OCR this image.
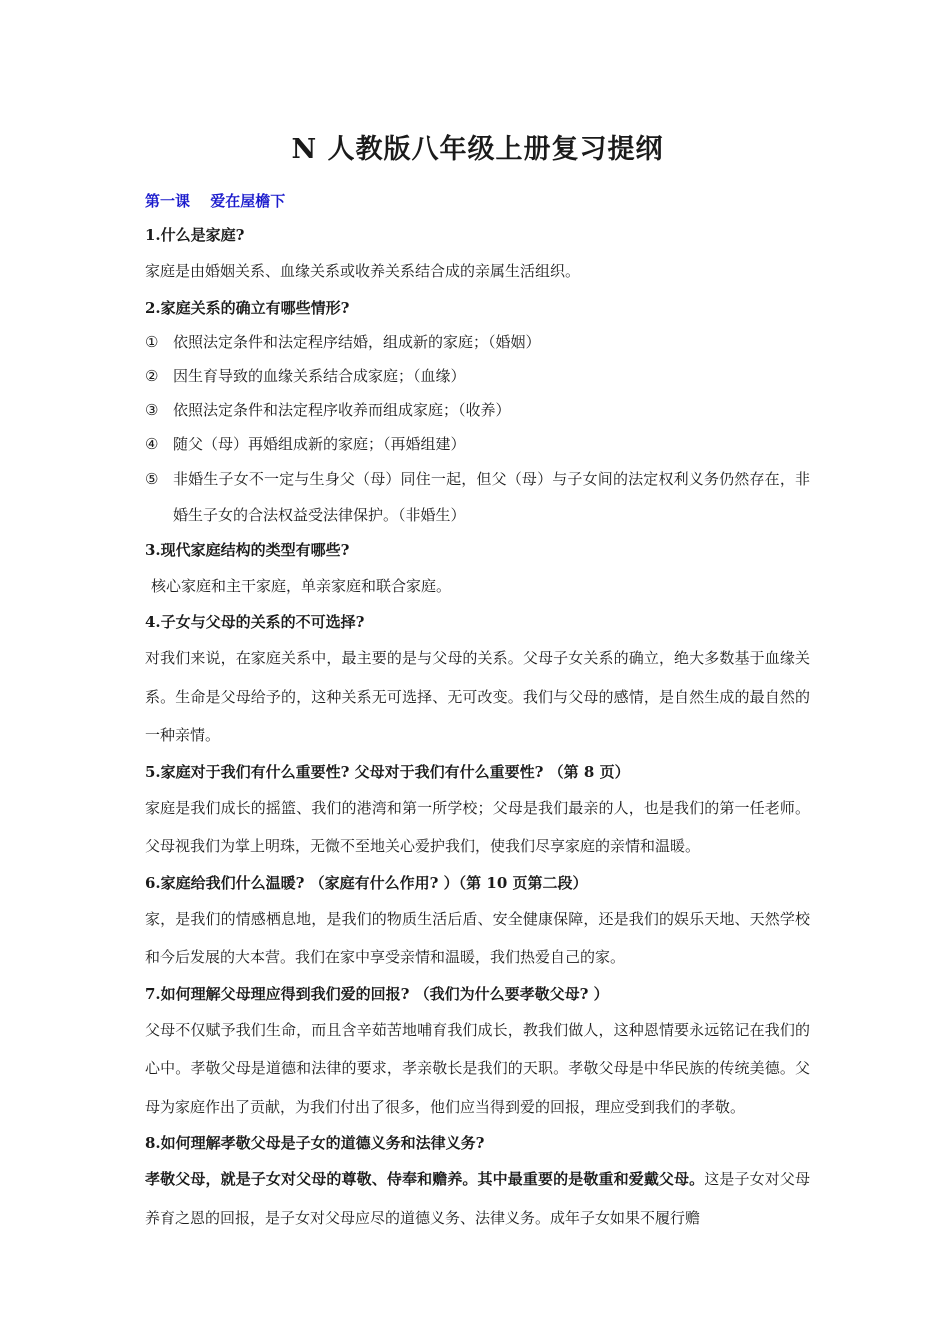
N 人教版八年级上册复习提纲

第一课　 爱在屋檐下

1.什么是家庭?

家庭是由婚姻关系、血缘关系或收养关系结合成的亲属生活组织。

2.家庭关系的确立有哪些情形?

① 依照法定条件和法定程序结婚，组成新的家庭；（婚姻）
② 因生育导致的血缘关系结合成家庭；（血缘）
③ 依照法定条件和法定程序收养而组成家庭；（收养）
④ 随父（母）再婚组成新的家庭；（再婚组建）
⑤ 非婚生子女不一定与生身父（母）同住一起，但父（母）与子女间的法定权利义务仍然存在，非婚生子女的合法权益受法律保护。（非婚生）

3.现代家庭结构的类型有哪些?

核心家庭和主干家庭，单亲家庭和联合家庭。

4.子女与父母的关系的不可选择?

对我们来说，在家庭关系中，最主要的是与父母的关系。父母子女关系的确立，绝大多数基于血缘关系。生命是父母给予的，这种关系无可选择、无可改变。我们与父母的感情，是自然生成的最自然的一种亲情。

5.家庭对于我们有什么重要性? 父母对于我们有什么重要性? （第 8 页）

家庭是我们成长的摇篮、我们的港湾和第一所学校；父母是我们最亲的人，也是我们的第一任老师。父母视我们为掌上明珠，无微不至地关心爱护我们，使我们尽享家庭的亲情和温暖。

6.家庭给我们什么温暖? （家庭有什么作用? ）（第 10 页第二段）

家，是我们的情感栖息地，是我们的物质生活后盾、安全健康保障，还是我们的娱乐天地、天然学校和今后发展的大本营。我们在家中享受亲情和温暖，我们热爱自己的家。

7.如何理解父母理应得到我们爱的回报? （我们为什么要孝敬父母? ）

父母不仅赋予我们生命，而且含辛茹苦地哺育我们成长，教我们做人，这种恩情要永远铭记在我们的心中。孝敬父母是道德和法律的要求，孝亲敬长是我们的天职。孝敬父母是中华民族的传统美德。父母为家庭作出了贡献，为我们付出了很多，他们应当得到爱的回报，理应受到我们的孝敬。

8.如何理解孝敬父母是子女的道德义务和法律义务?

孝敬父母，就是子女对父母的尊敬、侍奉和赡养。其中最重要的是敬重和爱戴父母。这是子女对父母养育之恩的回报，是子女对父母应尽的道德义务、法律义务。成年子女如果不履行赡
